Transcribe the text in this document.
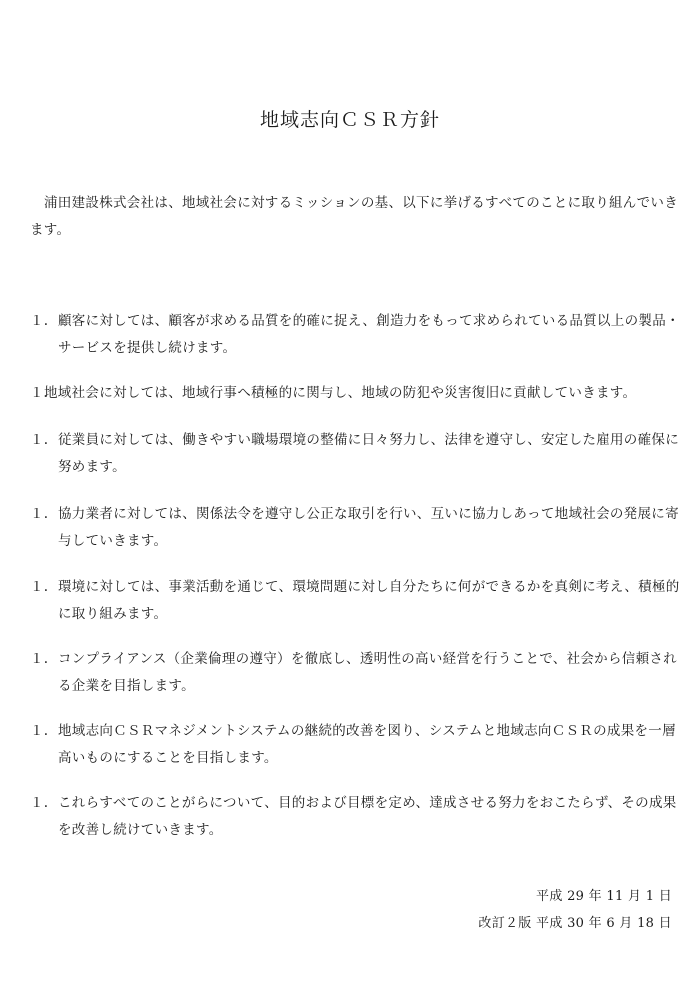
地域志向ＣＳＲ方針
浦田建設株式会社は、地域社会に対するミッションの基、以下に挙げるすべてのことに取り組んでいきます。
１. 顧客に対しては、顧客が求める品質を的確に捉え、創造力をもって求められている品質以上の製品・サービスを提供し続けます。
１.
地域社会に対しては、地域行事へ積極的に関与し、地域の防犯や災害復旧に貢献していきます。
１. 従業員に対しては、働きやすい職場環境の整備に日々努力し、法律を遵守し、安定した雇用の確保に努めます。
１. 協力業者に対しては、関係法令を遵守し公正な取引を行い、互いに協力しあって地域社会の発展に寄与していきます。
１. 環境に対しては、事業活動を通じて、環境問題に対し自分たちに何ができるかを真剣に考え、積極的に取り組みます。
１. コンプライアンス（企業倫理の遵守）を徹底し、透明性の高い経営を行うことで、社会から信頼される企業を目指します。
１. 地域志向ＣＳＲマネジメントシステムの継続的改善を図り、システムと地域志向ＣＳＲの成果を一層高いものにすることを目指します。
１. これらすべてのことがらについて、目的および目標を定め、達成させる努力をおこたらず、その成果を改善し続けていきます。
平成 29 年 11 月 1 日
改訂２版 平成 30 年 6 月 18 日
